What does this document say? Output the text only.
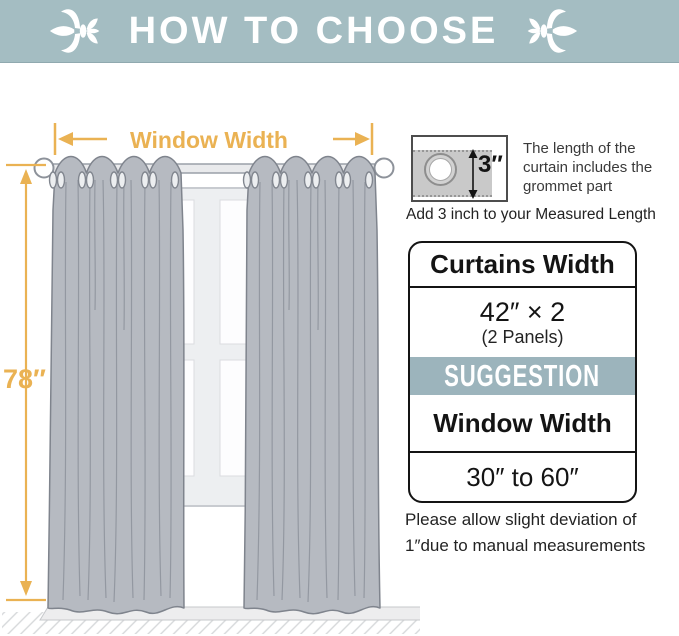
HOW TO CHOOSE
Window Width
78″
3″
The length of the curtain includes the grommet part
Add 3 inch to your Measured Length
Curtains Width
42″ × 2
(2 Panels)
SUGGESTION
Window Width
30″ to 60″
Please allow slight deviation of
1″due to manual measurements
